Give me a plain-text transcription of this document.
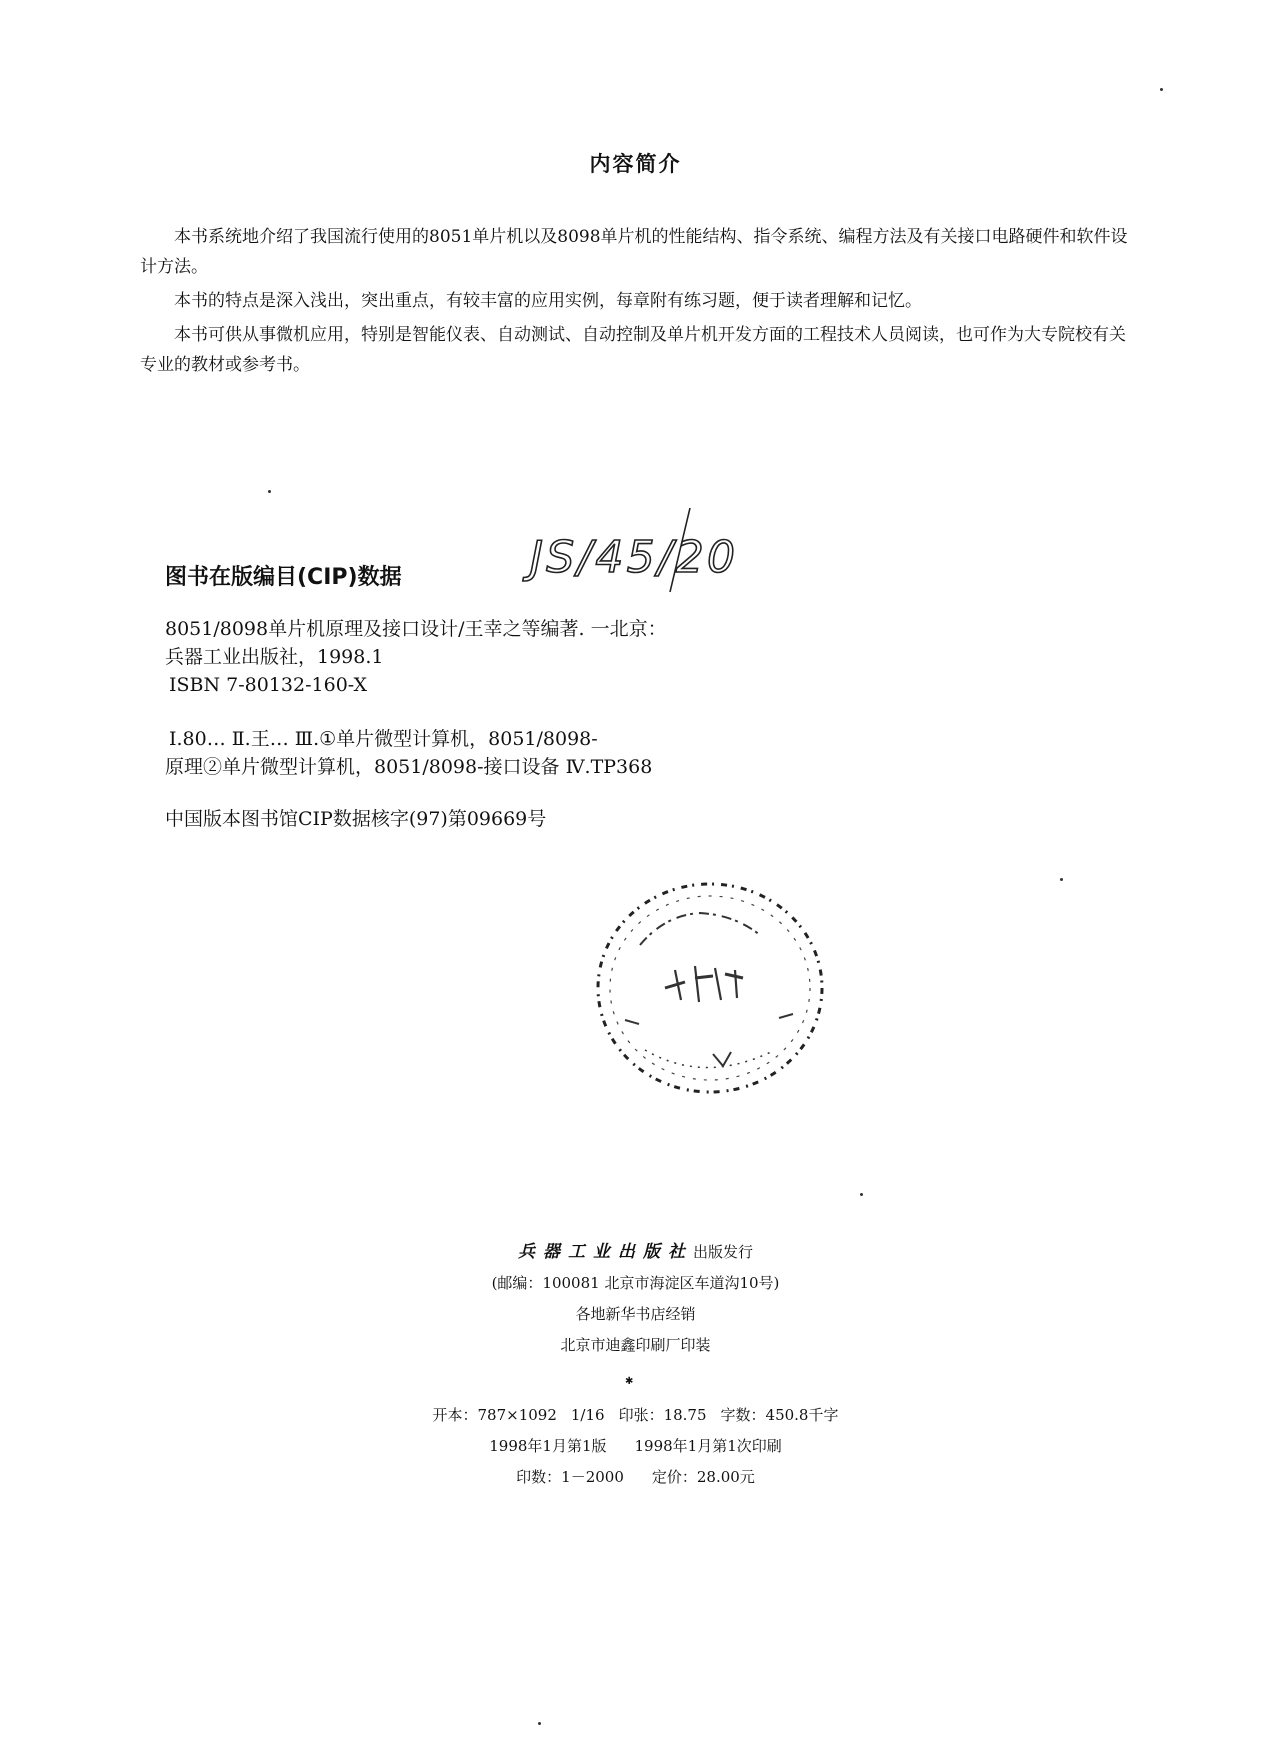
内容简介

本书系统地介绍了我国流行使用的8051单片机以及8098单片机的性能结构、指令系统、编程方法及有关接口电路硬件和软件设计方法。

本书的特点是深入浅出，突出重点，有较丰富的应用实例，每章附有练习题，便于读者理解和记忆。

本书可供从事微机应用，特别是智能仪表、自动测试、自动控制及单片机开发方面的工程技术人员阅读，也可作为大专院校有关专业的教材或参考书。

图书在版编目(CIP)数据	JS/45/20
8051/8098单片机原理及接口设计/王幸之等编著. 一北京：
兵器工业出版社，1998.1
ISBN 7-80132-160-X
Ⅰ.80… Ⅱ.王… Ⅲ.①单片微型计算机，8051/8098-
原理②单片微型计算机，8051/8098-接口设备 Ⅳ.TP368
中国版本图书馆CIP数据核字(97)第09669号
兵器工业出版社出版发行
(邮编：100081 北京市海淀区车道沟10号)
各地新华书店经销
北京市迪鑫印刷厂印装
✱
开本：787×1092 1/16 印张：18.75 字数：450.8千字
1998年1月第1版 1998年1月第1次印刷
印数：1－2000 定价：28.00元
